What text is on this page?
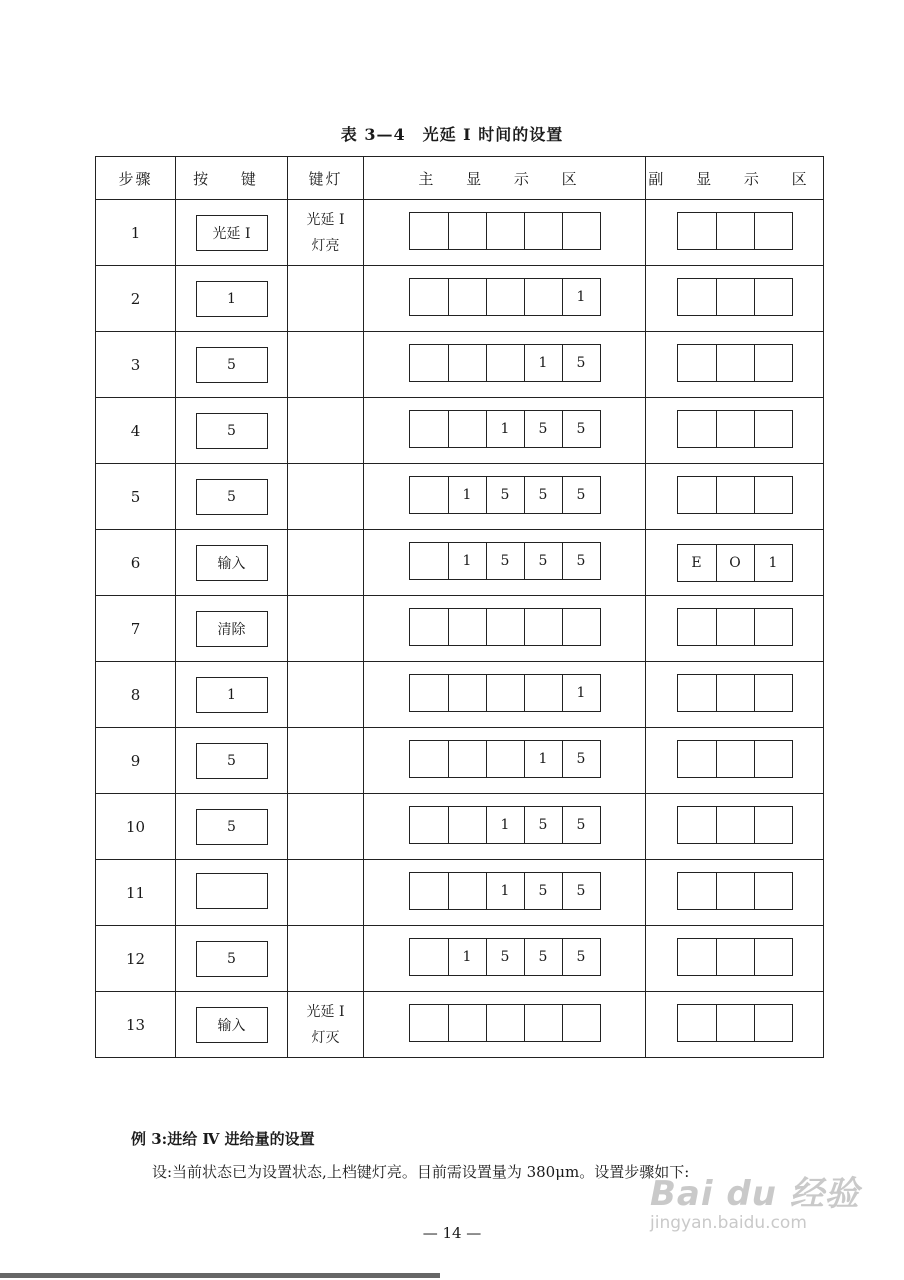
表 3—4　光延 I 时间的设置
步骤	按 键	键灯	主 显 示 区	副 显 示 区
1	光延 I	光延 I
灯亮		

2	1		1	

3	5		1 5	

4	5		1 5 5	

5	5		1 5 5 5	

6	输入		1 5 5 5	E O 1

7	清除		

8	1		1	

9	5		1 5	

10	5		1 5 5	

11			1 5 5	

12	5		1 5 5 5	

13	输入	光延 I
灯灭		

例 3:进给 Ⅳ 进给量的设置
设:当前状态已为设置状态,上档键灯亮。目前需设置量为 380μm。设置步骤如下:
— 14 —
Bai du 经验
jingyan.baidu.com
